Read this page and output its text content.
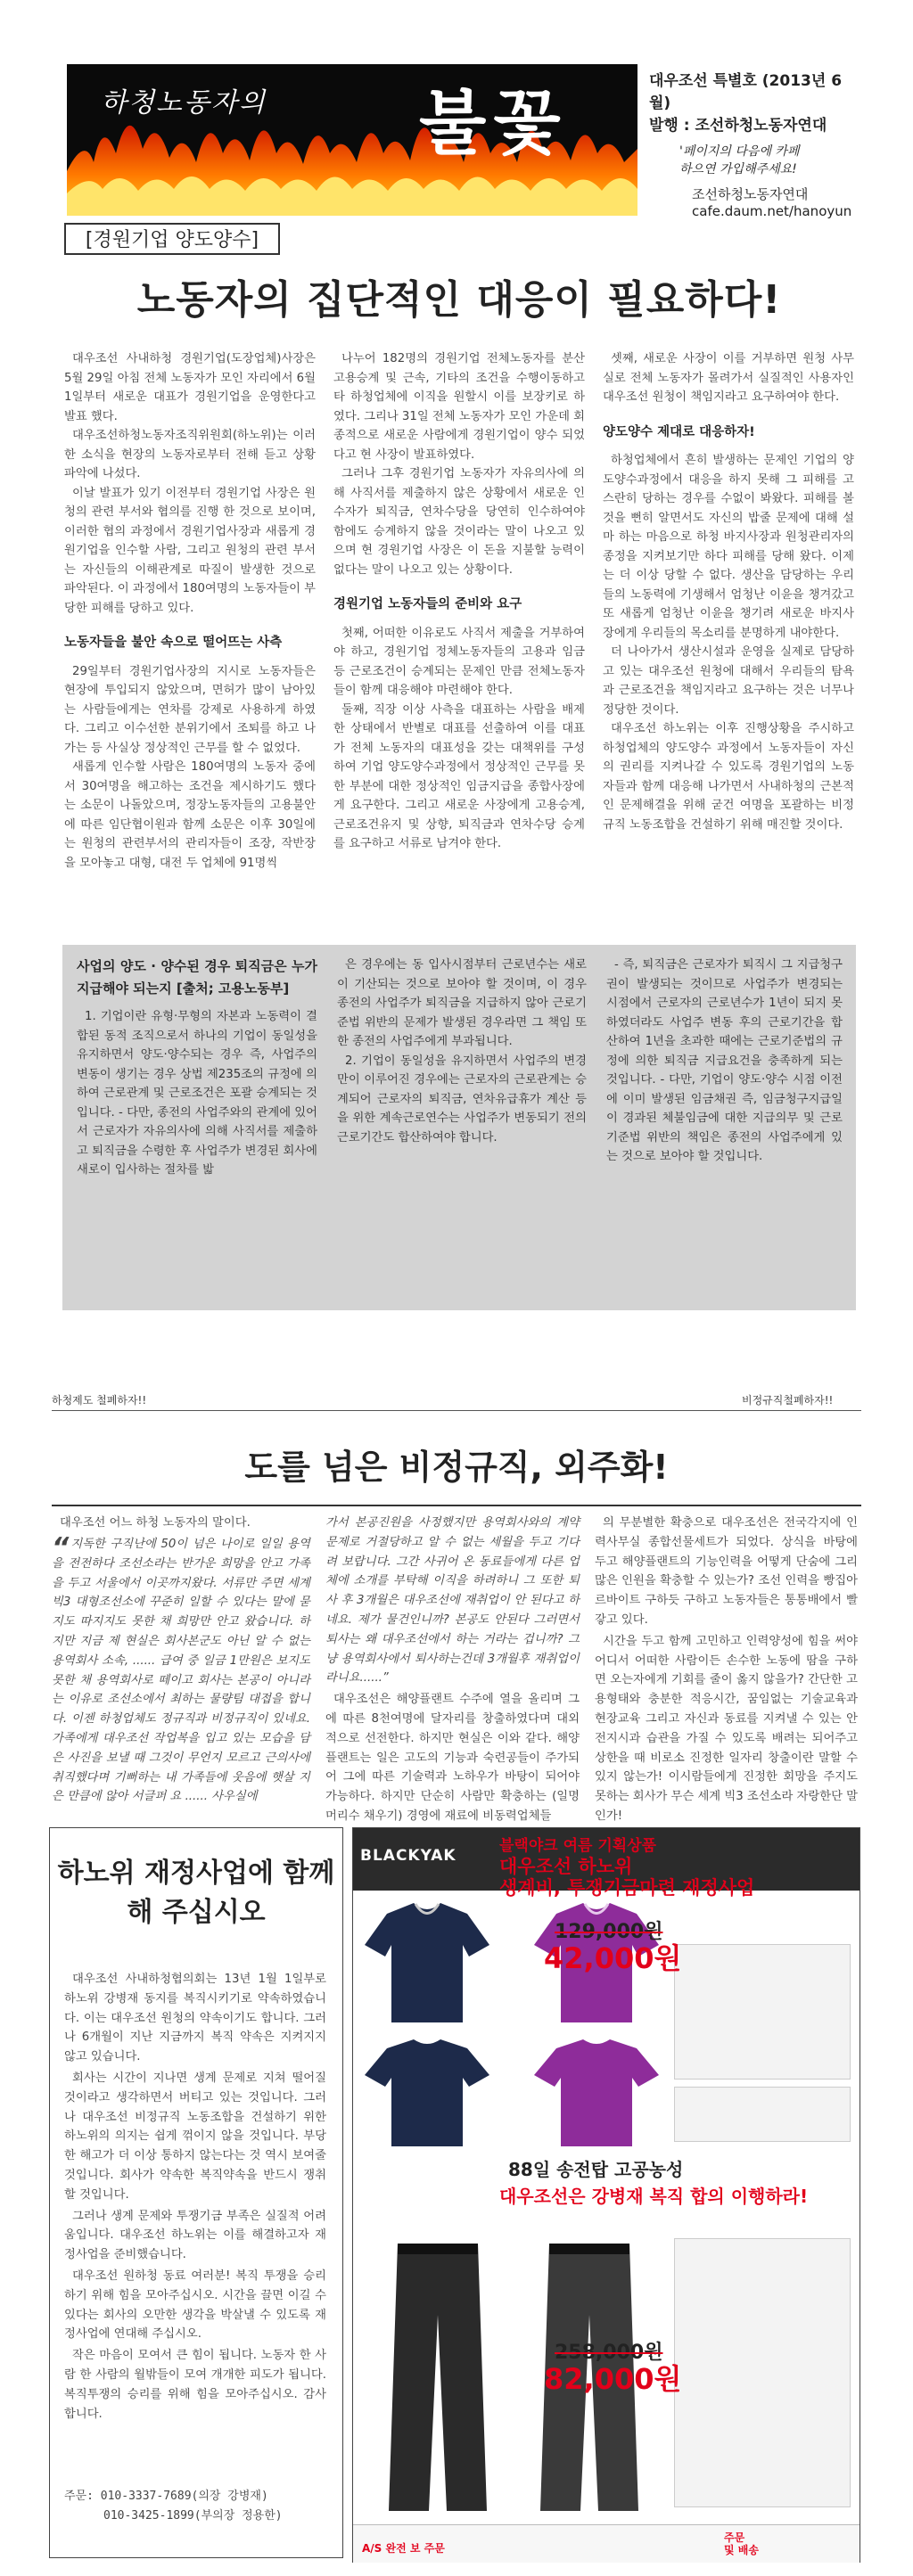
하청노동자의 불꽃
대우조선 특별호 (2013년 6월)
발행 : 조선하청노동자연대
'페이지의 다음에 카페
하으연 가입해주세요!
조선하청노동자연대
cafe.daum.net/hanoyun
[경원기업 양도양수]
노동자의 집단적인 대응이 필요하다!

대우조선 사내하청 경원기업(도장업체)사장은 5월 29일 아침 전체 노동자가 모인 자리에서 6월 1일부터 새로운 대표가 경원기업을 운영한다고 발표 했다.

대우조선하청노동자조직위원회(하노위)는 이러한 소식을 현장의 노동자로부터 전해 듣고 상황파악에 나섰다.

이날 발표가 있기 이전부터 경원기업 사장은 원청의 관련 부서와 협의를 진행 한 것으로 보이며, 이러한 협의 과정에서 경원기업사장과 새롭게 경원기업을 인수할 사람, 그리고 원청의 관련 부서는 자신들의 이해관계로 따질이 발생한 것으로 파악된다. 이 과정에서 180여명의 노동자들이 부당한 피해를 당하고 있다.

노동자들을 불안 속으로 떨어뜨는 사측

29일부터 경원기업사장의 지시로 노동자들은 현장에 투입되지 않았으며, 면허가 많이 남아있는 사람들에게는 연차를 강제로 사용하게 하였다. 그리고 이수선한 분위기에서 조퇴를 하고 나가는 등 사실상 정상적인 근무를 할 수 없었다.

새롭게 인수할 사람은 180여명의 노동자 중에서 30여명을 해고하는 조건을 제시하기도 했다는 소문이 나돌았으며, 정장노동자들의 고용불안에 따른 임단협이원과 함께 소문은 이후 30일에는 원청의 관련부서의 관리자들이 조장, 작반장을 모아놓고 대형, 대전 두 업체에 91명씩

나누어 182명의 경원기업 전체노동자를 분산 고용승계 및 근속, 기타의 조건을 수행이동하고 타 하청업체에 이직을 원할시 이를 보장키로 하였다. 그리나 31일 전체 노동자가 모인 가운데 회종적으로 새로운 사람에게 경원기업이 양수 되었다고 현 사장이 발표하였다.

그러나 그후 경원기업 노동자가 자유의사에 의해 사직서를 제출하지 않은 상황에서 새로운 인수자가 퇴직금, 연차수당을 당연히 인수하여야 함에도 승계하지 않을 것이라는 말이 나오고 있으며 현 경원기업 사장은 이 돈을 지불할 능력이 없다는 말이 나오고 있는 상황이다.

경원기업 노동자들의 준비와 요구

첫째, 어떠한 이유로도 사직서 제출을 거부하여야 하고, 경원기업 정체노동자들의 고용과 임금 등 근로조건이 승계되는 문제인 만큼 전체노동자들이 함께 대응해야 마련해야 한다.

둘째, 직장 이상 사측을 대표하는 사람을 배제한 상태에서 반별로 대표를 선출하여 이를 대표가 전체 노동자의 대표성을 갖는 대책위를 구성하여 기업 양도양수과정에서 정상적인 근무를 못한 부분에 대한 정상적인 임금지급을 종합사장에게 요구한다. 그리고 새로운 사장에게 고용승계, 근로조건유지 및 상향, 퇴직금과 연차수당 승계를 요구하고 서류로 남겨야 한다.

셋째, 새로운 사장이 이를 거부하면 원청 사무실로 전체 노동자가 몰려가서 실질적인 사용자인 대우조선 원청이 책임지라고 요구하여야 한다.

양도양수 제대로 대응하자!

하청업체에서 흔히 발생하는 문제인 기업의 양도양수과정에서 대응을 하지 못해 그 피해를 고스란히 당하는 경우를 수없이 봐왔다. 피해를 볼 것을 뻔히 알면서도 자신의 밥줄 문제에 대해 설마 하는 마음으로 하청 바지사장과 원청관리자의 종정을 지켜보기만 하다 피해를 당해 왔다. 이제는 더 이상 당할 수 없다. 생산을 담당하는 우리들의 노동력에 기생해서 엄청난 이윤을 챙겨갔고 또 새롭게 엄청난 이윤을 챙기려 새로운 바지사장에게 우리들의 목소리를 분명하게 내야한다.

더 나아가서 생산시설과 운영을 실제로 담당하고 있는 대우조선 원청에 대해서 우리들의 탐욕과 근로조건을 책임지라고 요구하는 것은 너무나 정당한 것이다.

대우조선 하노위는 이후 진행상황을 주시하고 하청업체의 양도양수 과정에서 노동자들이 자신의 권리를 지켜나갈 수 있도록 경원기업의 노동자들과 함께 대응해 나가면서 사내하청의 근본적인 문제해결을 위해 굳건 여명을 포괄하는 비정규직 노동조합을 건설하기 위해 매진할 것이다.

사업의 양도 · 양수된 경우 퇴직금은 누가 지급해야 되는지 [출처; 고용노동부]

1. 기업이란 유형·무형의 자본과 노동력이 결합된 동적 조직으로서 하나의 기업이 동일성을 유지하면서 양도·양수되는 경우 즉, 사업주의 변동이 생기는 경우 상법 제235조의 규정에 의하여 근로관계 및 근로조건은 포괄 승계되는 것입니다. - 다만, 종전의 사업주와의 관계에 있어서 근로자가 자유의사에 의해 사직서를 제출하고 퇴직금을 수령한 후 사업주가 변경된 회사에 새로이 입사하는 절차를 밟

은 경우에는 동 입사시점부터 근로년수는 새로이 기산되는 것으로 보아야 할 것이며, 이 경우 종전의 사업주가 퇴직금을 지급하지 않아 근로기준법 위반의 문제가 발생된 경우라면 그 책임 또한 종전의 사업주에게 부과됩니다.

2. 기업이 동일성을 유지하면서 사업주의 변경만이 이루어진 경우에는 근로자의 근로관계는 승계되어 근로자의 퇴직금, 연차유급휴가 계산 등을 위한 계속근로연수는 사업주가 변동되기 전의 근로기간도 합산하여야 합니다.

- 즉, 퇴직금은 근로자가 퇴직시 그 지급청구권이 발생되는 것이므로 사업주가 변경되는 시점에서 근로자의 근로년수가 1년이 되지 못하였더라도 사업주 변동 후의 근로기간을 합산하여 1년을 초과한 때에는 근로기준법의 규정에 의한 퇴직금 지급요건을 충족하게 되는 것입니다. - 다만, 기업이 양도·양수 시점 이전에 이미 발생된 임금채권 즉, 임금청구지급일이 경과된 체불임금에 대한 지급의무 및 근로기준법 위반의 책임은 종전의 사업주에게 있는 것으로 보아야 할 것입니다.

하청제도 철폐하자!!	비정규직철폐하자!!
도를 넘은 비정규직, 외주화!

대우조선 어느 하청 노동자의 말이다.

“ 지독한 구직난에 50이 넘은 나이로 일일 용역을 전전하다 조선소라는 반가운 희망을 안고 가족을 두고 서울에서 이곳까지왔다. 서류만 주면 세계 빅3 대형조선소에 꾸준히 일할 수 있다는 말에 묻지도 따지지도 못한 채 희망만 안고 왔습니다. 하지만 지금 제 현실은 회사본군도 아닌 알 수 없는 용역회사 소속, ...... 급여 중 일금 1만원은 보지도 못한 채 용역회사로 떼이고 회사는 본공이 아니라는 이유로 조선소에서 최하는 물량팀 대접을 합니다. 이젠 하청업체도 정규직과 비정규직이 있네요. 가족에게 대우조선 작업복을 입고 있는 모습을 담은 사진을 보낼 때 그것이 무언지 모르고 근의사에 취직했다며 기뻐하는 내 가족들에 웃음에 햇살 지은 만큼에 않아 서글퍼 요 ...... 사우실에

가서 본공진원을 사정했지만 용역회사와의 계약문제로 거절당하고 알 수 없는 세월을 두고 기다려 보랍니다. 그간 사귀어 온 동료들에게 다른 업체에 소개를 부탁해 이직을 하려하니 그 또한 퇴사 후 3개월은 대우조선에 재취업이 안 된다고 하네요. 제가 물건인니까? 본공도 안된다 그러면서 퇴사는 왜 대우조선에서 하는 거라는 겁니까? 그냥 용역회사에서 퇴사하는건데 3개월후 재취업이 라니요......”

대우조선은 해양플랜트 수주에 열을 올리며 그에 따른 8천여명에 달자리를 창출하였다며 대외적으로 선전한다. 하지만 현실은 이와 같다. 해양플랜트는 일은 고도의 기능과 숙련공들이 주가되어 그에 따른 기술력과 노하우가 바탕이 되어야 가능하다. 하지만 단순히 사람만 확충하는 (일명 머리수 채우기) 경영에 재료에 비동력업체들

의 무분별한 확충으로 대우조선은 전국각지에 인력사무실 종합선물세트가 되었다. 상식을 바탕에 두고 해양플랜트의 기능인력을 어떻게 단숨에 그리 많은 인원을 확충할 수 있는가? 조선 인력을 빵집아르바이트 구하듯 구하고 노동자들은 통통배에서 빨갛고 있다.

시간을 두고 함께 고민하고 인력양성에 힘을 써야 어디서 어떠한 사람이든 손수한 노동에 땀을 구하면 오는자에게 기회를 줄이 옳지 않을가? 간단한 고용형태와 충분한 적응시간, 꿈임없는 기술교육과 현장교육 그리고 자신과 동료를 지켜낼 수 있는 안전지시과 습관을 가질 수 있도록 배려는 되어주고 상한을 때 비로소 진정한 일자리 창출이란 말할 수 있지 않는가! 이시람들에게 진정한 회망을 주지도 못하는 회사가 무슨 세계 빅3 조선소라 자랑한단 말인가!

하노위 재정사업에 함께 해 주십시오

대우조선 사내하청협의회는 13년 1월 1일부로 하노위 강병재 동지를 복직시키기로 약속하였습니다. 이는 대우조선 원청의 약속이기도 합니다. 그러나 6개월이 지난 지금까지 복직 약속은 지켜지지 않고 있습니다.

회사는 시간이 지나면 생계 문제로 지쳐 떨어질 것이라고 생각하면서 버티고 있는 것입니다. 그러나 대우조선 비정규직 노동조합을 건설하기 위한 하노위의 의지는 쉽게 꺾이지 않을 것입니다. 부당한 해고가 더 이상 통하지 않는다는 것 역시 보여줄 것입니다. 회사가 약속한 복직약속을 반드시 쟁취할 것입니다.

그러나 생계 문제와 투쟁기금 부족은 실질적 어려움입니다. 대우조선 하노위는 이를 해결하고자 재정사업을 준비했습니다.

대우조선 원하청 동료 여러분! 복직 투쟁을 승리하기 위해 힘을 모아주십시오. 시간을 끌면 이길 수 있다는 회사의 오만한 생각을 박살낼 수 있도록 재정사업에 연대해 주십시오.

작은 마음이 모여서 큰 힘이 됩니다. 노동자 한 사람 한 사람의 월밖들이 모여 개개한 피도가 됩니다. 복직투쟁의 승리를 위해 힘을 모아주십시오. 감사합니다.

주문: 010-3337-7689(의장 강병재)
010-3425-1899(부의장 정용한)
BLACKYAK
블랙야크 여름 기획상품
대우조선 하노위
생계비, 투쟁기금마련 재정사업
129,000원
42,000원
88일 송전탑 고공농성
대우조선은 강병재 복직 합의 이행하라!
258,000원
82,000원
A/S 완전 보 주문
주문
및 배송
